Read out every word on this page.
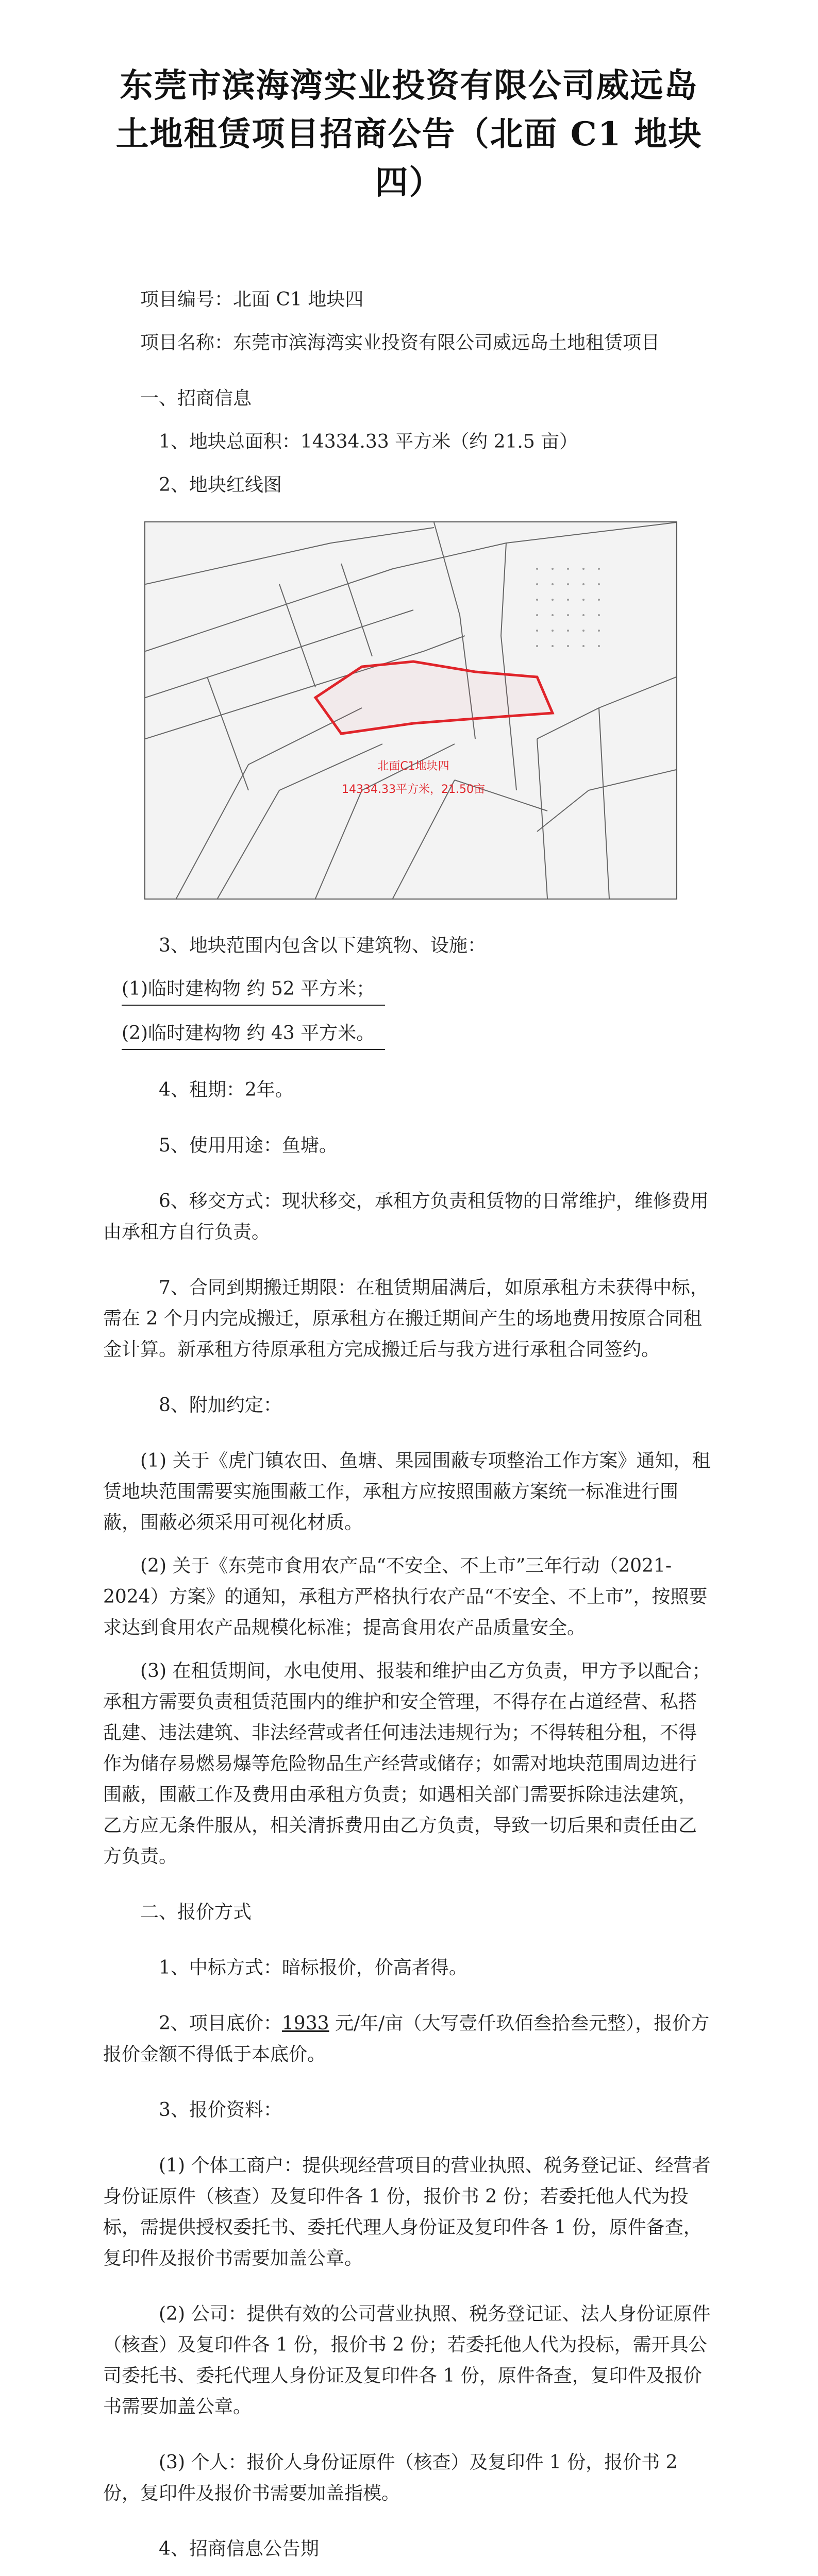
东莞市滨海湾实业投资有限公司威远岛土地租赁项目招商公告（北面 C1 地块四）

项目编号：北面 C1 地块四

项目名称：东莞市滨海湾实业投资有限公司威远岛土地租赁项目

一、招商信息

1、地块总面积：14334.33 平方米（约 21.5 亩）

2、地块红线图

北面C1地块四
14334.33平方米，21.50亩

3、地块范围内包含以下建筑物、设施：

(1)临时建构物 约 52 平方米；

(2)临时建构物 约 43 平方米。

4、租期：2年。

5、使用用途：鱼塘。

6、移交方式：现状移交，承租方负责租赁物的日常维护，维修费用由承租方自行负责。

7、合同到期搬迁期限：在租赁期届满后，如原承租方未获得中标，需在 2 个月内完成搬迁，原承租方在搬迁期间产生的场地费用按原合同租金计算。新承租方待原承租方完成搬迁后与我方进行承租合同签约。

8、附加约定：

(1) 关于《虎门镇农田、鱼塘、果园围蔽专项整治工作方案》通知，租赁地块范围需要实施围蔽工作，承租方应按照围蔽方案统一标准进行围蔽，围蔽必须采用可视化材质。

(2) 关于《东莞市食用农产品“不安全、不上市”三年行动（2021-2024）方案》的通知，承租方严格执行农产品“不安全、不上市”，按照要求达到食用农产品规模化标准；提高食用农产品质量安全。

(3) 在租赁期间，水电使用、报装和维护由乙方负责，甲方予以配合；承租方需要负责租赁范围内的维护和安全管理，不得存在占道经营、私搭乱建、违法建筑、非法经营或者任何违法违规行为；不得转租分租，不得作为储存易燃易爆等危险物品生产经营或储存；如需对地块范围周边进行围蔽，围蔽工作及费用由承租方负责；如遇相关部门需要拆除违法建筑，乙方应无条件服从，相关清拆费用由乙方负责，导致一切后果和责任由乙方负责。

二、报价方式

1、中标方式：暗标报价，价高者得。

2、项目底价：1933 元/年/亩（大写壹仟玖佰叁拾叁元整），报价方报价金额不得低于本底价。

3、报价资料：

(1) 个体工商户：提供现经营项目的营业执照、税务登记证、经营者身份证原件（核查）及复印件各 1 份，报价书 2 份；若委托他人代为投标，需提供授权委托书、委托代理人身份证及复印件各 1 份，原件备查，复印件及报价书需要加盖公章。

(2) 公司：提供有效的公司营业执照、税务登记证、法人身份证原件（核查）及复印件各 1 份，报价书 2 份；若委托他人代为投标，需开具公司委托书、委托代理人身份证及复印件各 1 份，原件备查，复印件及报价书需要加盖公章。

(3) 个人：报价人身份证原件（核查）及复印件 1 份，报价书 2 份，复印件及报价书需要加盖指模。

4、招商信息公告期
